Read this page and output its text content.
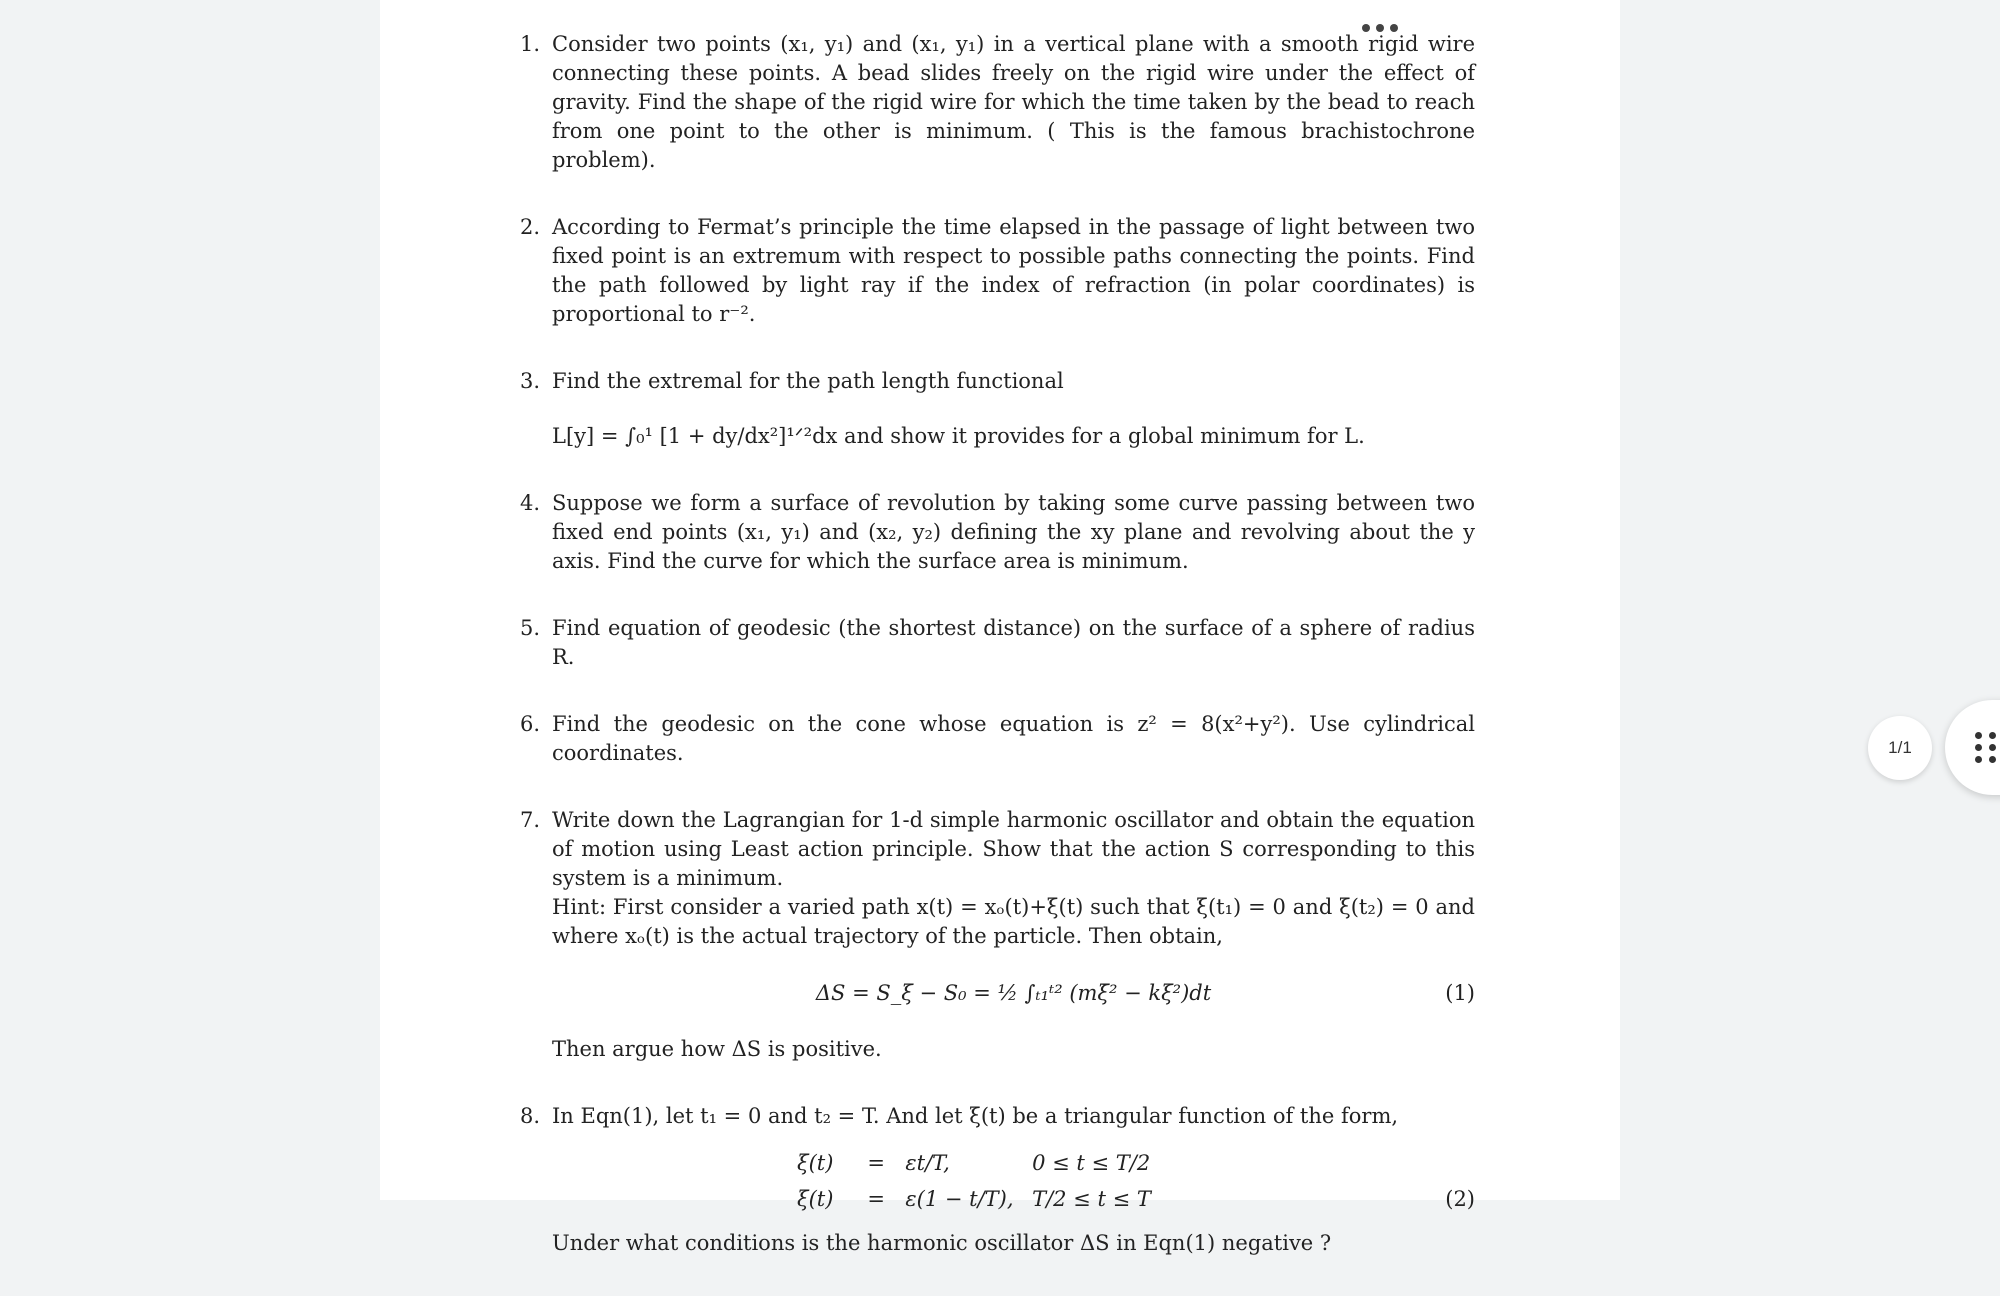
1. Consider two points (x₁, y₁) and (x₁, y₁) in a vertical plane with a smooth rigid wire connecting these points. A bead slides freely on the rigid wire under the effect of gravity. Find the shape of the rigid wire for which the time taken by the bead to reach from one point to the other is minimum. ( This is the famous brachistochrone problem).
2. According to Fermat’s principle the time elapsed in the passage of light between two fixed point is an extremum with respect to possible paths connecting the points. Find the path followed by light ray if the index of refraction (in polar coordinates) is proportional to r⁻².
3. Find the extremal for the path length functional
L[y] = ∫₀¹ [1 + dy/dx²]¹ᐟ²dx and show it provides for a global minimum for L.
4. Suppose we form a surface of revolution by taking some curve passing between two fixed end points (x₁, y₁) and (x₂, y₂) defining the xy plane and revolving about the y axis. Find the curve for which the surface area is minimum.
5. Find equation of geodesic (the shortest distance) on the surface of a sphere of radius R.
6. Find the geodesic on the cone whose equation is z² = 8(x²+y²). Use cylindrical coordinates.
7. Write down the Lagrangian for 1-d simple harmonic oscillator and obtain the equation of motion using Least action principle. Show that the action S corresponding to this system is a minimum.
Hint: First consider a varied path x(t) = xₒ(t)+ξ(t) such that ξ(t₁) = 0 and ξ(t₂) = 0 and where xₒ(t) is the actual trajectory of the particle. Then obtain,
ΔS = S_ξ − S₀ = ½ ∫ₜ₁ᵗ² (mξ̇² − kξ²)dt	(1)
Then argue how ΔS is positive.
8. In Eqn(1), let t₁ = 0 and t₂ = T. And let ξ(t) be a triangular function of the form,
ξ(t) = εt/T,	0 ≤ t ≤ T/2
ξ(t) = ε(1 − t/T), T/2 ≤ t ≤ T	(2)
Under what conditions is the harmonic oscillator ΔS in Eqn(1) negative ?
1/1
